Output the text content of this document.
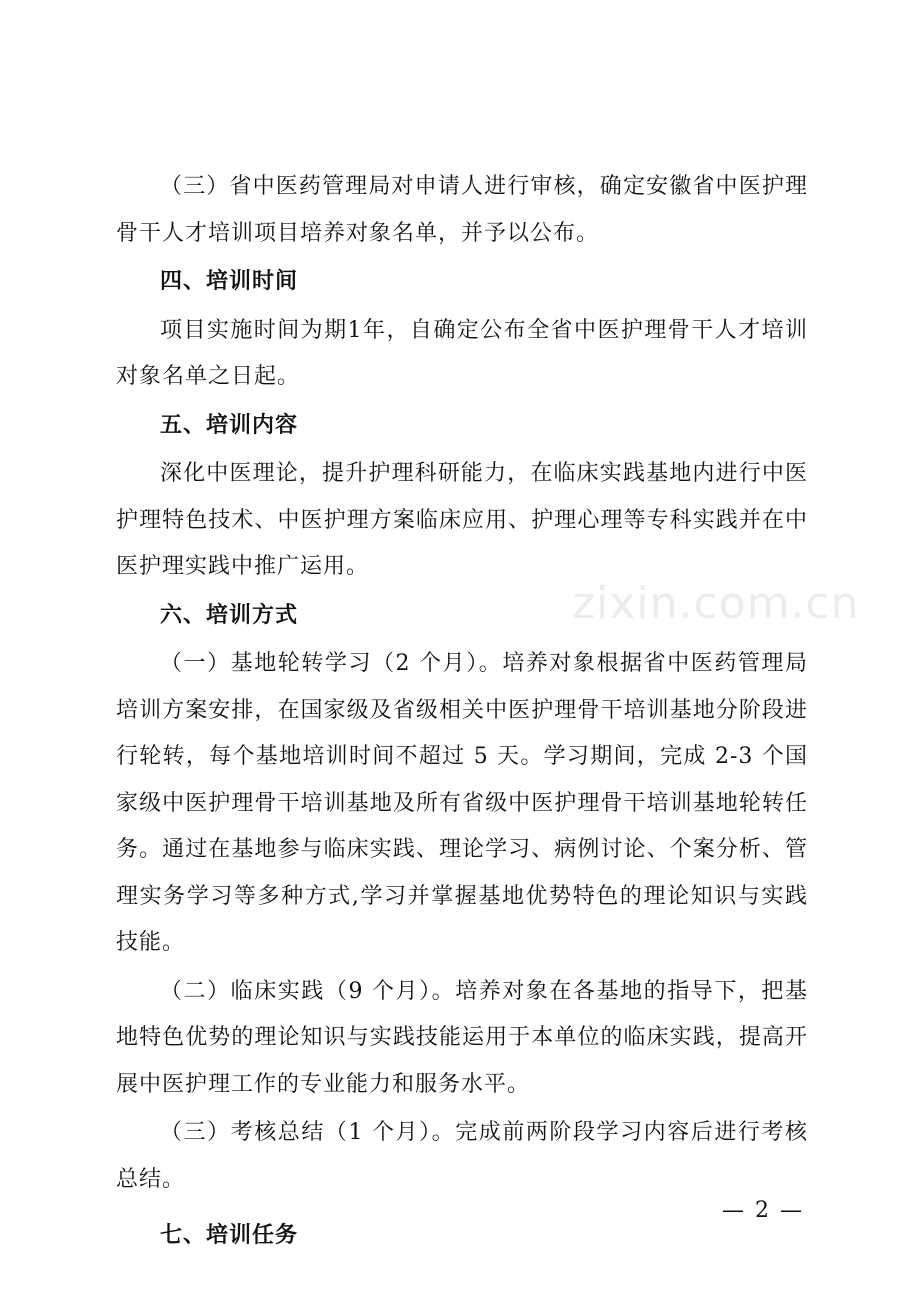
zixin.com.cn

（三）省中医药管理局对申请人进行审核，确定安徽省中医护理骨干人才培训项目培养对象名单，并予以公布。

四、培训时间

项目实施时间为期1年，自确定公布全省中医护理骨干人才培训对象名单之日起。

五、培训内容

深化中医理论，提升护理科研能力，在临床实践基地内进行中医护理特色技术、中医护理方案临床应用、护理心理等专科实践并在中医护理实践中推广运用。

六、培训方式

（一）基地轮转学习（2 个月）。培养对象根据省中医药管理局培训方案安排，在国家级及省级相关中医护理骨干培训基地分阶段进行轮转，每个基地培训时间不超过 5 天。学习期间，完成 2-3 个国家级中医护理骨干培训基地及所有省级中医护理骨干培训基地轮转任务。通过在基地参与临床实践、理论学习、病例讨论、个案分析、管理实务学习等多种方式,学习并掌握基地优势特色的理论知识与实践技能。

（二）临床实践（9 个月）。培养对象在各基地的指导下，把基地特色优势的理论知识与实践技能运用于本单位的临床实践，提高开展中医护理工作的专业能力和服务水平。

（三）考核总结（1 个月）。完成前两阶段学习内容后进行考核总结。

七、培训任务

— 2 —
